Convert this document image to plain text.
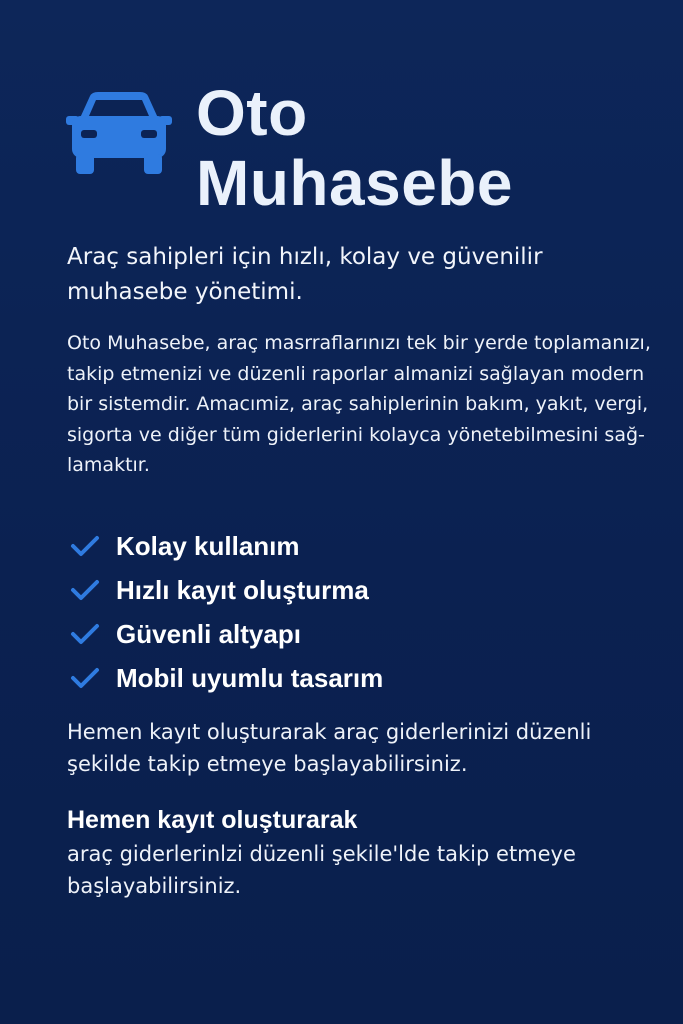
Oto
Muhasebe

Araç sahipleri için hızlı, kolay ve güvenilir muhasebe yönetimi.

Oto Muhasebe, araç masrraflarınızı tek bir yerde toplamanızı, takip etmenizi ve düzenli raporlar almanizi sağlayan modern bir sistemdir. Amacımiz, araç sahiplerinin bakım, yakıt, vergi, sigorta ve diğer tüm giderlerini kolayca yönetebilmesini sağ-lamaktır.

Kolay kullanım
Hızlı kayıt oluşturma
Güvenli altyapı
Mobil uyumlu tasarım

Hemen kayıt oluşturarak araç giderlerinizi düzenli şekilde takip etmeye başlayabilirsiniz.

Hemen kayıt oluşturarak

araç giderlerinlzi düzenli şekile'lde takip etmeye başlayabilirsiniz.
